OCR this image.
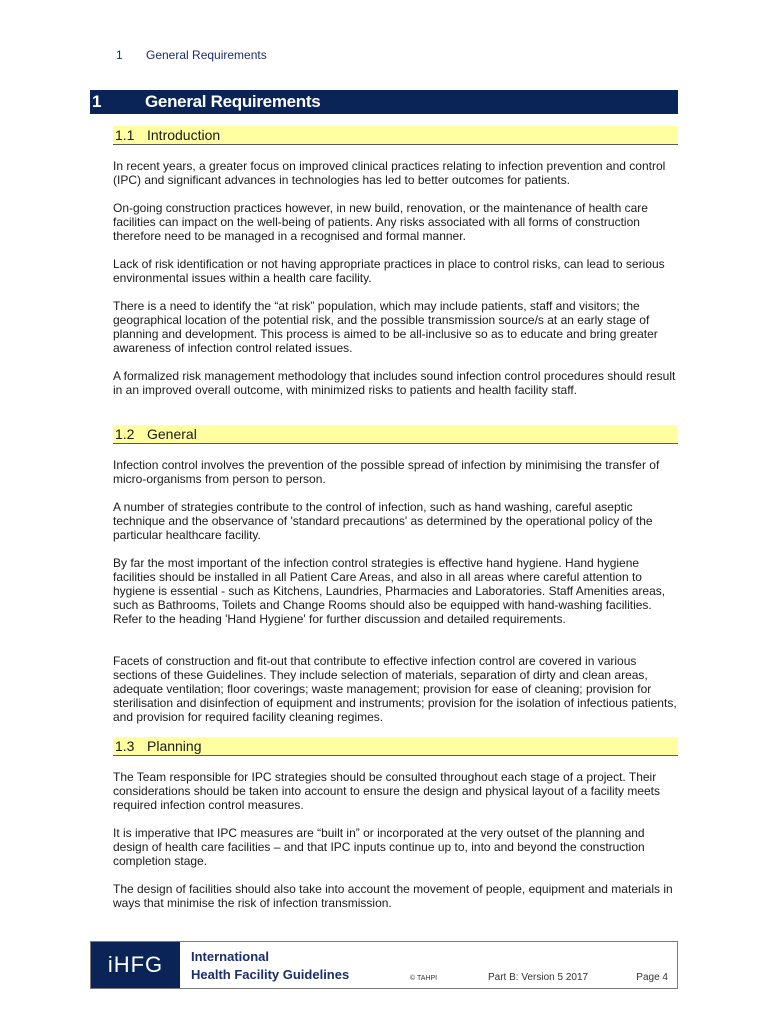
1	General Requirements
1	General Requirements
1.1 Introduction

In recent years, a greater focus on improved clinical practices relating to infection prevention and control (IPC) and significant advances in technologies has led to better outcomes for patients.

On-going construction practices however, in new build, renovation, or the maintenance of health care facilities can impact on the well-being of patients. Any risks associated with all forms of construction therefore need to be managed in a recognised and formal manner.

Lack of risk identification or not having appropriate practices in place to control risks, can lead to serious environmental issues within a health care facility.

There is a need to identify the “at risk” population, which may include patients, staff and visitors; the geographical location of the potential risk, and the possible transmission source/s at an early stage of planning and development. This process is aimed to be all-inclusive so as to educate and bring greater awareness of infection control related issues.

A formalized risk management methodology that includes sound infection control procedures should result in an improved overall outcome, with minimized risks to patients and health facility staff.

1.2 General

Infection control involves the prevention of the possible spread of infection by minimising the transfer of micro-organisms from person to person.

A number of strategies contribute to the control of infection, such as hand washing, careful aseptic technique and the observance of 'standard precautions' as determined by the operational policy of the particular healthcare facility.

By far the most important of the infection control strategies is effective hand hygiene. Hand hygiene facilities should be installed in all Patient Care Areas, and also in all areas where careful attention to hygiene is essential - such as Kitchens, Laundries, Pharmacies and Laboratories. Staff Amenities areas, such as Bathrooms, Toilets and Change Rooms should also be equipped with hand-washing facilities. Refer to the heading 'Hand Hygiene' for further discussion and detailed requirements.

Facets of construction and fit-out that contribute to effective infection control are covered in various sections of these Guidelines. They include selection of materials, separation of dirty and clean areas, adequate ventilation; floor coverings; waste management; provision for ease of cleaning; provision for sterilisation and disinfection of equipment and instruments; provision for the isolation of infectious patients, and provision for required facility cleaning regimes.

1.3 Planning

The Team responsible for IPC strategies should be consulted throughout each stage of a project. Their considerations should be taken into account to ensure the design and physical layout of a facility meets required infection control measures.

It is imperative that IPC measures are “built in” or incorporated at the very outset of the planning and design of health care facilities – and that IPC inputs continue up to, into and beyond the construction completion stage.

The design of facilities should also take into account the movement of people, equipment and materials in ways that minimise the risk of infection transmission.

iHFG International
Health Facility Guidelines	© TAHPI	Part B: Version 5 2017	Page 4
